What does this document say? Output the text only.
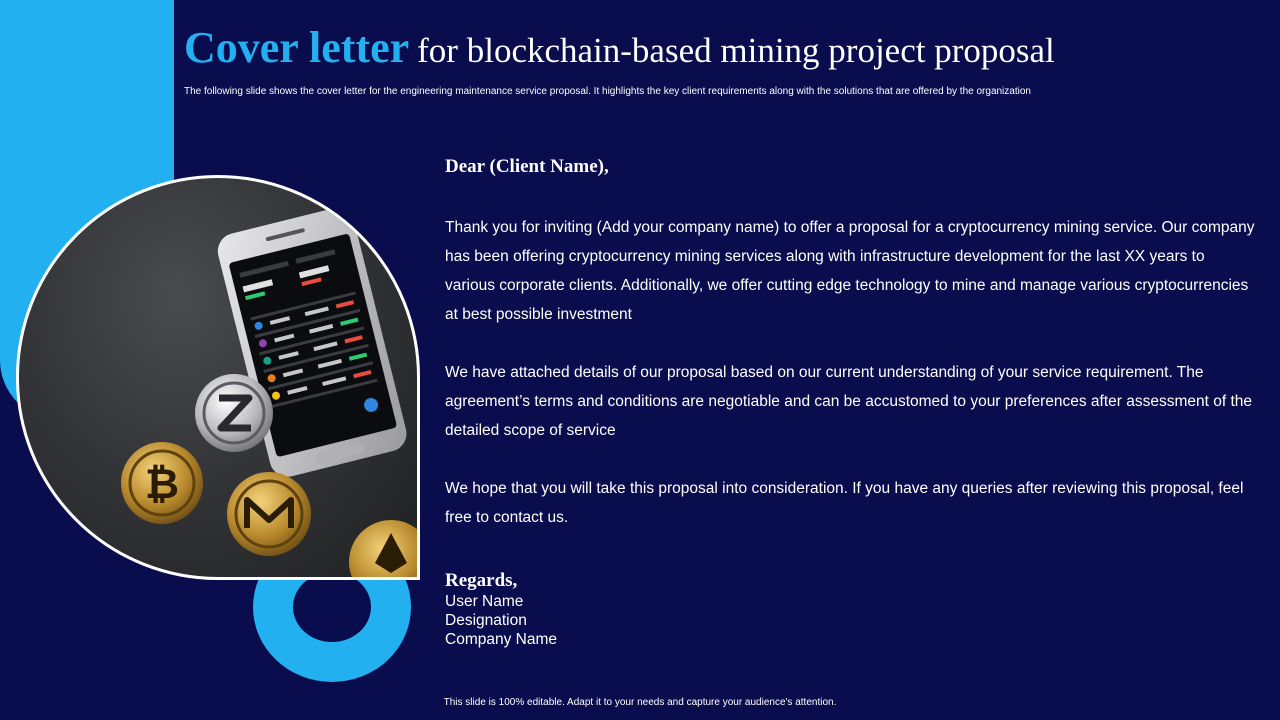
₿
Cover letter for blockchain-based mining project proposal
The following slide shows the cover letter for the engineering maintenance service proposal. It highlights the key client requirements along with the solutions that are offered by the organization
Dear (Client Name),

Thank you for inviting (Add your company name) to offer a proposal for a cryptocurrency mining service. Our company has been offering cryptocurrency mining services along with infrastructure development for the last XX years to various corporate clients. Additionally, we offer cutting edge technology to mine and manage various cryptocurrencies at best possible investment

We have attached details of our proposal based on our current understanding of your service requirement. The agreement’s terms and conditions are negotiable and can be accustomed to your preferences after assessment of the detailed scope of service

We hope that you will take this proposal into consideration. If you have any queries after reviewing this proposal, feel free to contact us.

Regards,
User Name
Designation
Company Name
This slide is 100% editable. Adapt it to your needs and capture your audience's attention.
